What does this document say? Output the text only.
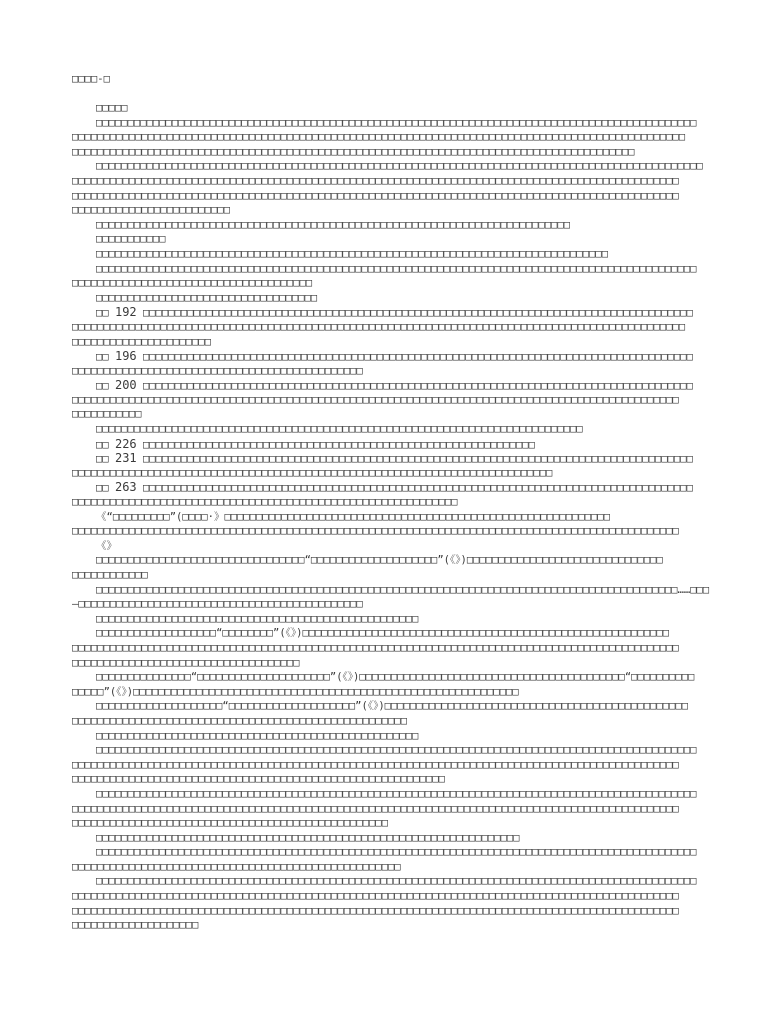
□□□□-□
□□□□□
□□□□□□□□□□□□□□□□□□□□□□□□□□□□□□□□□□□□□□□□□□□□□□□□□□□□□□□□□□□□□□□□□□□□□□□□□□□□□□□□□□□□□□□□□□□□□□□
□□□□□□□□□□□□□□□□□□□□□□□□□□□□□□□□□□□□□□□□□□□□□□□□□□□□□□□□□□□□□□□□□□□□□□□□□□□□□□□□□□□□□□□□□□□□□□□□□
□□□□□□□□□□□□□□□□□□□□□□□□□□□□□□□□□□□□□□□□□□□□□□□□□□□□□□□□□□□□□□□□□□□□□□□□□□□□□□□□□□□□□□□□□
□□□□□□□□□□□□□□□□□□□□□□□□□□□□□□□□□□□□□□□□□□□□□□□□□□□□□□□□□□□□□□□□□□□□□□□□□□□□□□□□□□□□□□□□□□□□□□□□
□□□□□□□□□□□□□□□□□□□□□□□□□□□□□□□□□□□□□□□□□□□□□□□□□□□□□□□□□□□□□□□□□□□□□□□□□□□□□□□□□□□□□□□□□□□□□□□□
□□□□□□□□□□□□□□□□□□□□□□□□□□□□□□□□□□□□□□□□□□□□□□□□□□□□□□□□□□□□□□□□□□□□□□□□□□□□□□□□□□□□□□□□□□□□□□□□
□□□□□□□□□□□□□□□□□□□□□□□□□
□□□□□□□□□□□□□□□□□□□□□□□□□□□□□□□□□□□□□□□□□□□□□□□□□□□□□□□□□□□□□□□□□□□□□□□□□□□
□□□□□□□□□□□
□□□□□□□□□□□□□□□□□□□□□□□□□□□□□□□□□□□□□□□□□□□□□□□□□□□□□□□□□□□□□□□□□□□□□□□□□□□□□□□□□
□□□□□□□□□□□□□□□□□□□□□□□□□□□□□□□□□□□□□□□□□□□□□□□□□□□□□□□□□□□□□□□□□□□□□□□□□□□□□□□□□□□□□□□□□□□□□□□
□□□□□□□□□□□□□□□□□□□□□□□□□□□□□□□□□□□□□□
□□□□□□□□□□□□□□□□□□□□□□□□□□□□□□□□□□□
□□ 192 □□□□□□□□□□□□□□□□□□□□□□□□□□□□□□□□□□□□□□□□□□□□□□□□□□□□□□□□□□□□□□□□□□□□□□□□□□□□□□□□□□□□□□□
□□□□□□□□□□□□□□□□□□□□□□□□□□□□□□□□□□□□□□□□□□□□□□□□□□□□□□□□□□□□□□□□□□□□□□□□□□□□□□□□□□□□□□□□□□□□□□□□□
□□□□□□□□□□□□□□□□□□□□□□
□□ 196 □□□□□□□□□□□□□□□□□□□□□□□□□□□□□□□□□□□□□□□□□□□□□□□□□□□□□□□□□□□□□□□□□□□□□□□□□□□□□□□□□□□□□□□
□□□□□□□□□□□□□□□□□□□□□□□□□□□□□□□□□□□□□□□□□□□□□□
□□ 200 □□□□□□□□□□□□□□□□□□□□□□□□□□□□□□□□□□□□□□□□□□□□□□□□□□□□□□□□□□□□□□□□□□□□□□□□□□□□□□□□□□□□□□□
□□□□□□□□□□□□□□□□□□□□□□□□□□□□□□□□□□□□□□□□□□□□□□□□□□□□□□□□□□□□□□□□□□□□□□□□□□□□□□□□□□□□□□□□□□□□□□□□
□□□□□□□□□□□
□□□□□□□□□□□□□□□□□□□□□□□□□□□□□□□□□□□□□□□□□□□□□□□□□□□□□□□□□□□□□□□□□□□□□□□□□□□□□
□□ 226 □□□□□□□□□□□□□□□□□□□□□□□□□□□□□□□□□□□□□□□□□□□□□□□□□□□□□□□□□□□□□□
□□ 231 □□□□□□□□□□□□□□□□□□□□□□□□□□□□□□□□□□□□□□□□□□□□□□□□□□□□□□□□□□□□□□□□□□□□□□□□□□□□□□□□□□□□□□□
□□□□□□□□□□□□□□□□□□□□□□□□□□□□□□□□□□□□□□□□□□□□□□□□□□□□□□□□□□□□□□□□□□□□□□□□□□□□
□□ 263 □□□□□□□□□□□□□□□□□□□□□□□□□□□□□□□□□□□□□□□□□□□□□□□□□□□□□□□□□□□□□□□□□□□□□□□□□□□□□□□□□□□□□□□
□□□□□□□□□□□□□□□□□□□□□□□□□□□□□□□□□□□□□□□□□□□□□□□□□□□□□□□□□□□□□
《“□□□□□□□□□”(□□□□·》□□□□□□□□□□□□□□□□□□□□□□□□□□□□□□□□□□□□□□□□□□□□□□□□□□□□□□□□□□□□□
□□□□□□□□□□□□□□□□□□□□□□□□□□□□□□□□□□□□□□□□□□□□□□□□□□□□□□□□□□□□□□□□□□□□□□□□□□□□□□□□□□□□□□□□□□□□□□□□
《》
□□□□□□□□□□□□□□□□□□□□□□□□□□□□□□□□□“□□□□□□□□□□□□□□□□□□□□”(《》)□□□□□□□□□□□□□□□□□□□□□□□□□□□□□□□
□□□□□□□□□□□□
□□□□□□□□□□□□□□□□□□□□□□□□□□□□□□□□□□□□□□□□□□□□□□□□□□□□□□□□□□□□□□□□□□□□□□□□□□□□□□□□□□□□□□□□□□□□……□□□
—□□□□□□□□□□□□□□□□□□□□□□□□□□□□□□□□□□□□□□□□□□□□□
□□□□□□□□□□□□□□□□□□□□□□□□□□□□□□□□□□□□□□□□□□□□□□□□□□□
□□□□□□□□□□□□□□□□□□□“□□□□□□□□”(《》)□□□□□□□□□□□□□□□□□□□□□□□□□□□□□□□□□□□□□□□□□□□□□□□□□□□□□□□□□□
□□□□□□□□□□□□□□□□□□□□□□□□□□□□□□□□□□□□□□□□□□□□□□□□□□□□□□□□□□□□□□□□□□□□□□□□□□□□□□□□□□□□□□□□□□□□□□□□
□□□□□□□□□□□□□□□□□□□□□□□□□□□□□□□□□□□□
□□□□□□□□□□□□□□□“□□□□□□□□□□□□□□□□□□□□□”(《》)□□□□□□□□□□□□□□□□□□□□□□□□□□□□□□□□□□□□□□□□□□“□□□□□□□□□□
□□□□□”(《》)□□□□□□□□□□□□□□□□□□□□□□□□□□□□□□□□□□□□□□□□□□□□□□□□□□□□□□□□□□□□□
□□□□□□□□□□□□□□□□□□□□“□□□□□□□□□□□□□□□□□□□□”(《》)□□□□□□□□□□□□□□□□□□□□□□□□□□□□□□□□□□□□□□□□□□□□□□□□
□□□□□□□□□□□□□□□□□□□□□□□□□□□□□□□□□□□□□□□□□□□□□□□□□□□□□
□□□□□□□□□□□□□□□□□□□□□□□□□□□□□□□□□□□□□□□□□□□□□□□□□□□
□□□□□□□□□□□□□□□□□□□□□□□□□□□□□□□□□□□□□□□□□□□□□□□□□□□□□□□□□□□□□□□□□□□□□□□□□□□□□□□□□□□□□□□□□□□□□□□
□□□□□□□□□□□□□□□□□□□□□□□□□□□□□□□□□□□□□□□□□□□□□□□□□□□□□□□□□□□□□□□□□□□□□□□□□□□□□□□□□□□□□□□□□□□□□□□□
□□□□□□□□□□□□□□□□□□□□□□□□□□□□□□□□□□□□□□□□□□□□□□□□□□□□□□□□□□□
□□□□□□□□□□□□□□□□□□□□□□□□□□□□□□□□□□□□□□□□□□□□□□□□□□□□□□□□□□□□□□□□□□□□□□□□□□□□□□□□□□□□□□□□□□□□□□□
□□□□□□□□□□□□□□□□□□□□□□□□□□□□□□□□□□□□□□□□□□□□□□□□□□□□□□□□□□□□□□□□□□□□□□□□□□□□□□□□□□□□□□□□□□□□□□□□
□□□□□□□□□□□□□□□□□□□□□□□□□□□□□□□□□□□□□□□□□□□□□□□□□□
□□□□□□□□□□□□□□□□□□□□□□□□□□□□□□□□□□□□□□□□□□□□□□□□□□□□□□□□□□□□□□□□□□□
□□□□□□□□□□□□□□□□□□□□□□□□□□□□□□□□□□□□□□□□□□□□□□□□□□□□□□□□□□□□□□□□□□□□□□□□□□□□□□□□□□□□□□□□□□□□□□□
□□□□□□□□□□□□□□□□□□□□□□□□□□□□□□□□□□□□□□□□□□□□□□□□□□□□
□□□□□□□□□□□□□□□□□□□□□□□□□□□□□□□□□□□□□□□□□□□□□□□□□□□□□□□□□□□□□□□□□□□□□□□□□□□□□□□□□□□□□□□□□□□□□□□
□□□□□□□□□□□□□□□□□□□□□□□□□□□□□□□□□□□□□□□□□□□□□□□□□□□□□□□□□□□□□□□□□□□□□□□□□□□□□□□□□□□□□□□□□□□□□□□□
□□□□□□□□□□□□□□□□□□□□□□□□□□□□□□□□□□□□□□□□□□□□□□□□□□□□□□□□□□□□□□□□□□□□□□□□□□□□□□□□□□□□□□□□□□□□□□□□
□□□□□□□□□□□□□□□□□□□□
